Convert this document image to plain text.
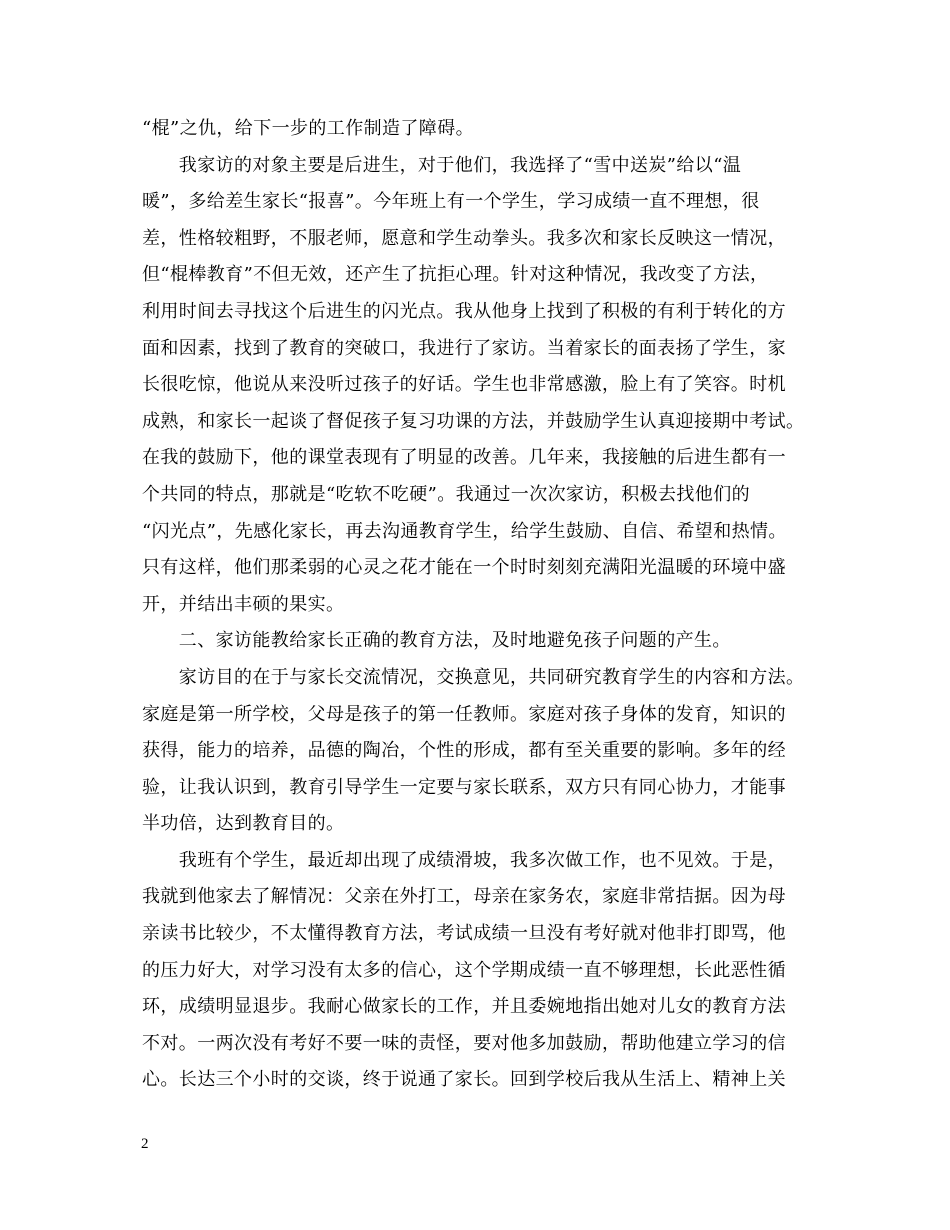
“棍”之仇，给下一步的工作制造了障碍。
　　我家访的对象主要是后进生，对于他们，我选择了“雪中送炭”给以“温
暖”，多给差生家长“报喜”。今年班上有一个学生，学习成绩一直不理想，很
差，性格较粗野，不服老师，愿意和学生动拳头。我多次和家长反映这一情况，
但“棍棒教育”不但无效，还产生了抗拒心理。针对这种情况，我改变了方法，
利用时间去寻找这个后进生的闪光点。我从他身上找到了积极的有利于转化的方
面和因素，找到了教育的突破口，我进行了家访。当着家长的面表扬了学生，家
长很吃惊，他说从来没听过孩子的好话。学生也非常感激，脸上有了笑容。时机
成熟，和家长一起谈了督促孩子复习功课的方法，并鼓励学生认真迎接期中考试。
在我的鼓励下，他的课堂表现有了明显的改善。几年来，我接触的后进生都有一
个共同的特点，那就是“吃软不吃硬”。我通过一次次家访，积极去找他们的
“闪光点”，先感化家长，再去沟通教育学生，给学生鼓励、自信、希望和热情。
只有这样，他们那柔弱的心灵之花才能在一个时时刻刻充满阳光温暖的环境中盛
开，并结出丰硕的果实。
　　二、家访能教给家长正确的教育方法，及时地避免孩子问题的产生。
　　家访目的在于与家长交流情况，交换意见，共同研究教育学生的内容和方法。
家庭是第一所学校，父母是孩子的第一任教师。家庭对孩子身体的发育，知识的
获得，能力的培养，品德的陶冶，个性的形成，都有至关重要的影响。多年的经
验，让我认识到，教育引导学生一定要与家长联系，双方只有同心协力，才能事
半功倍，达到教育目的。
　　我班有个学生，最近却出现了成绩滑坡，我多次做工作，也不见效。于是，
我就到他家去了解情况：父亲在外打工，母亲在家务农，家庭非常拮据。因为母
亲读书比较少，不太懂得教育方法，考试成绩一旦没有考好就对他非打即骂，他
的压力好大，对学习没有太多的信心，这个学期成绩一直不够理想，长此恶性循
环，成绩明显退步。我耐心做家长的工作，并且委婉地指出她对儿女的教育方法
不对。一两次没有考好不要一味的责怪，要对他多加鼓励，帮助他建立学习的信
心。长达三个小时的交谈，终于说通了家长。回到学校后我从生活上、精神上关
2
